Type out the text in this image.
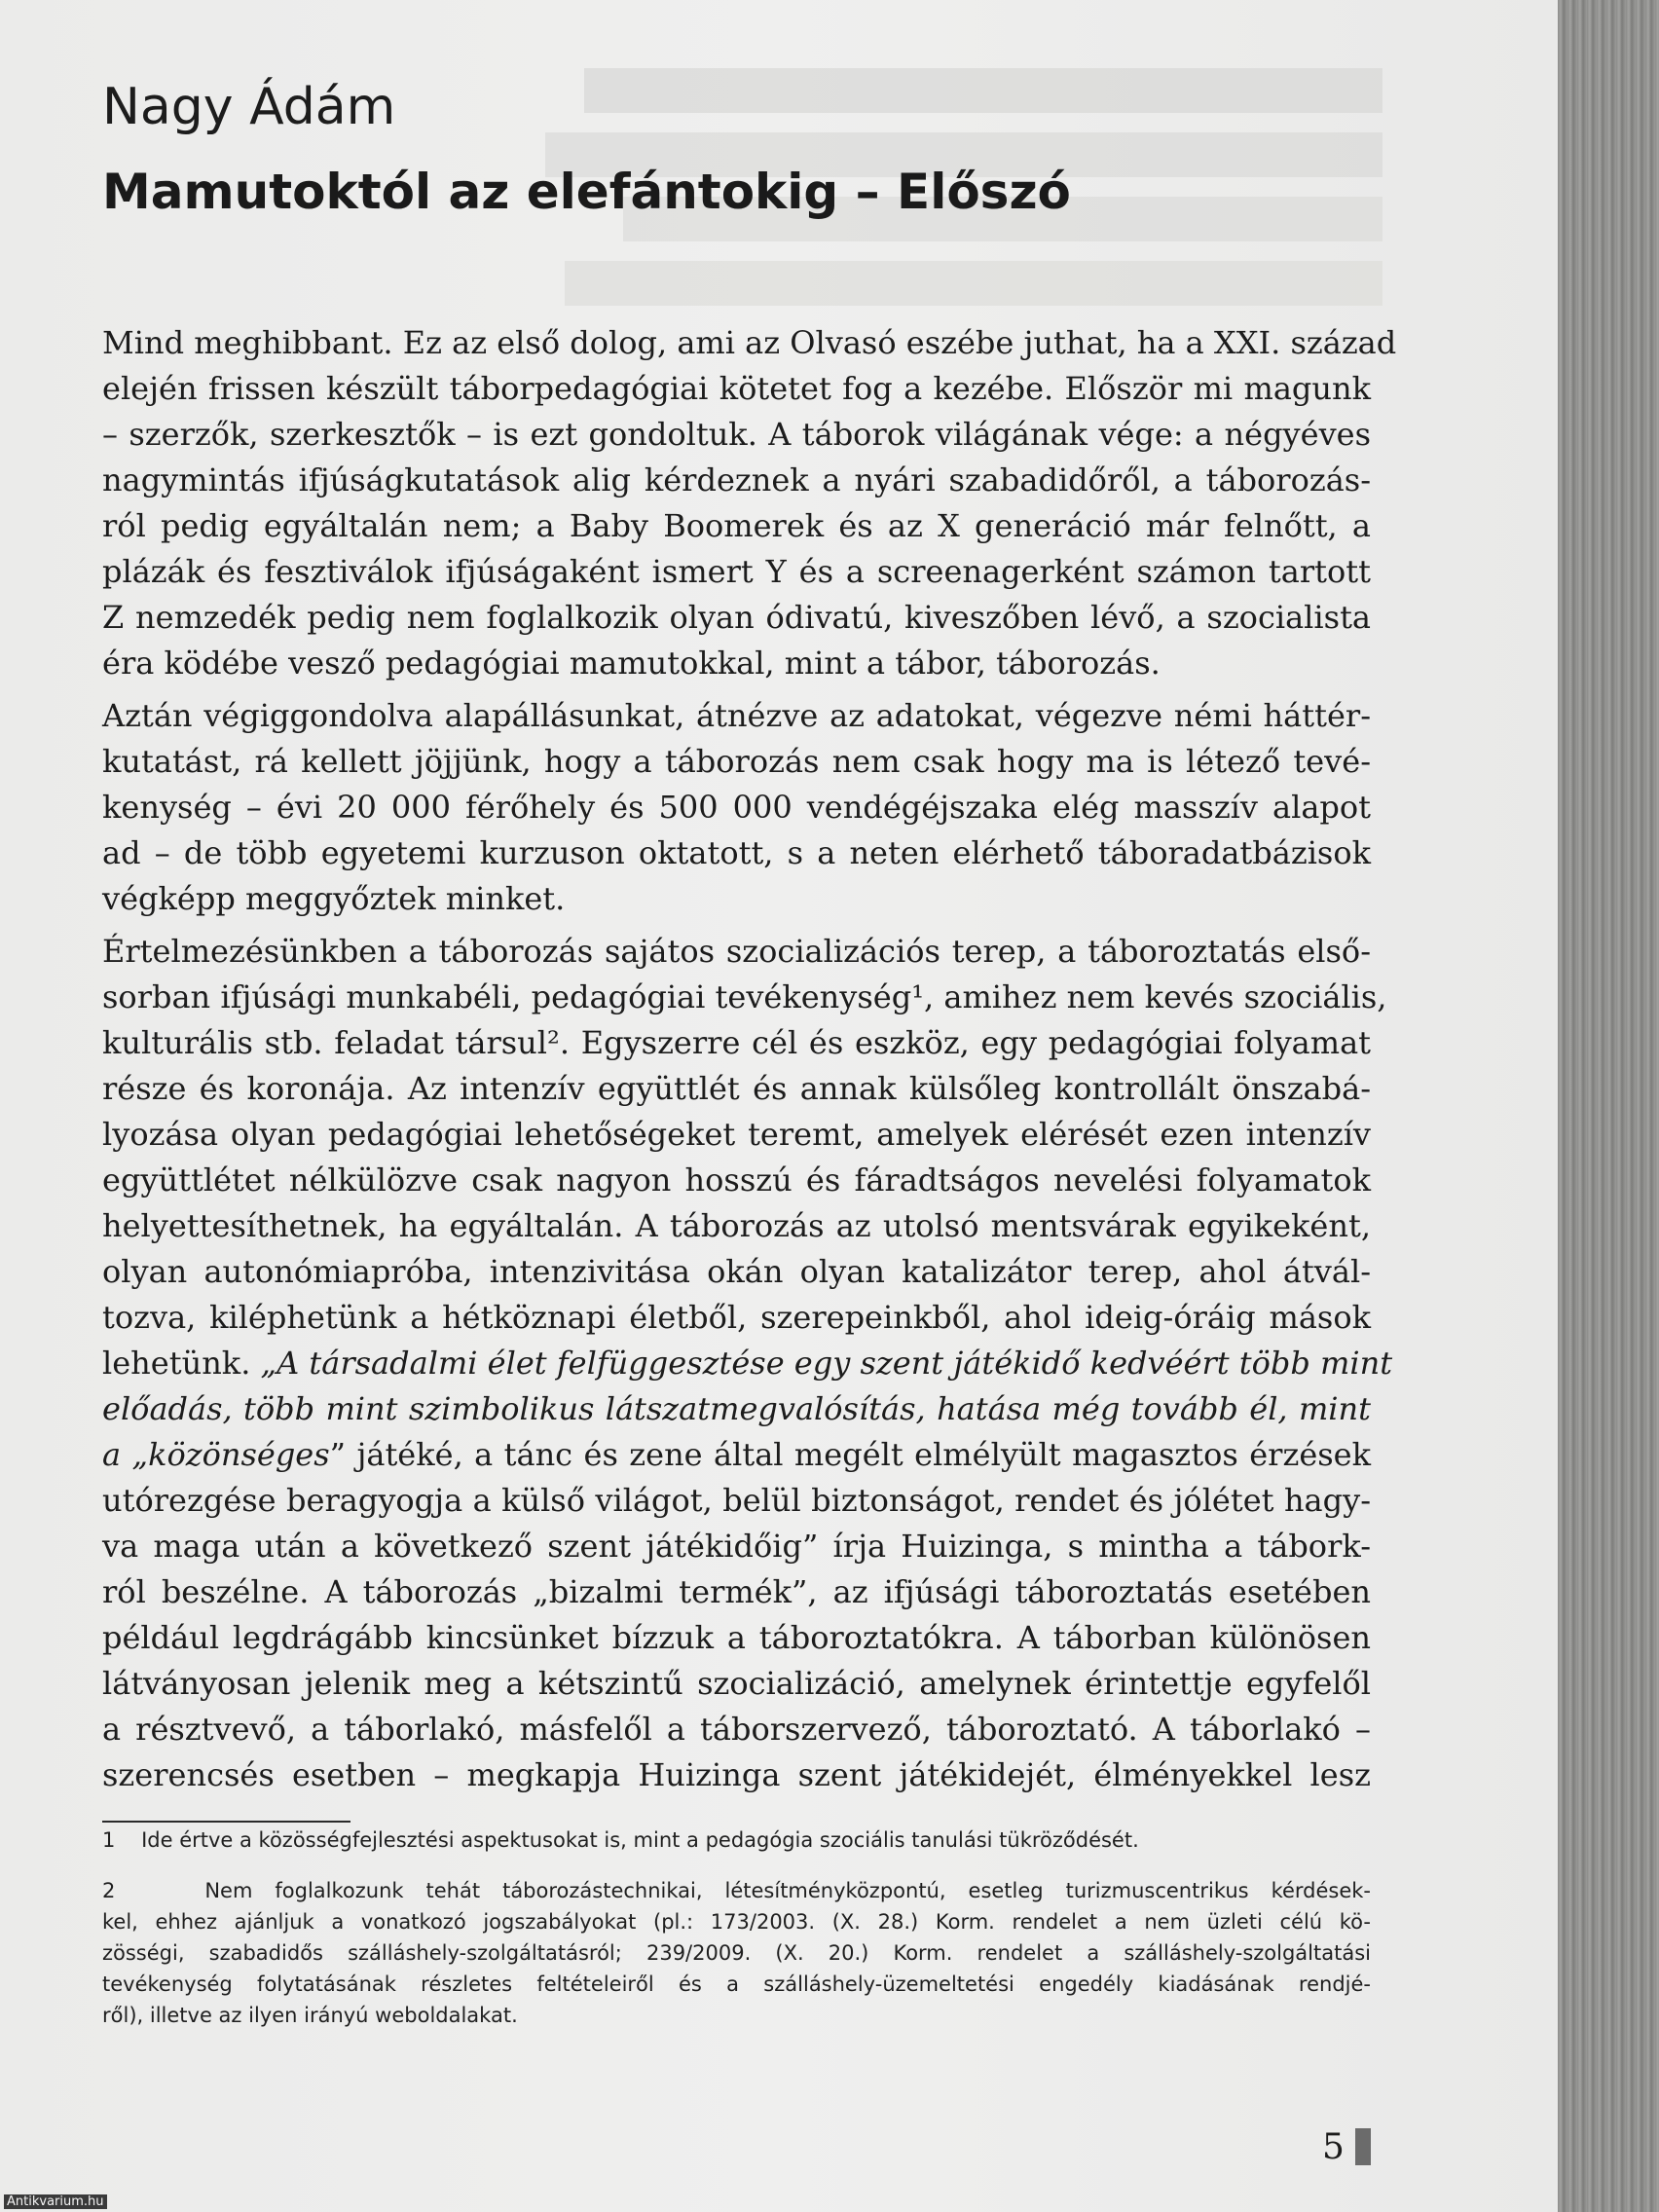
Nagy Ádám
Mamutoktól az elefántokig – Előszó
Mind meghibbant. Ez az első dolog, ami az Olvasó eszébe juthat, ha a XXI. század
elején frissen készült táborpedagógiai kötetet fog a kezébe. Először mi magunk
– szerzők, szerkesztők – is ezt gondoltuk. A táborok világának vége: a négyéves
nagymintás ifjúságkutatások alig kérdeznek a nyári szabadidőről, a táborozás-
ról pedig egyáltalán nem; a Baby Boomerek és az X generáció már felnőtt, a
plázák és fesztiválok ifjúságaként ismert Y és a screenagerként számon tartott
Z nemzedék pedig nem foglalkozik olyan ódivatú, kiveszőben lévő, a szocialista
éra ködébe vesző pedagógiai mamutokkal, mint a tábor, táborozás.
Aztán végiggondolva alapállásunkat, átnézve az adatokat, végezve némi háttér-
kutatást, rá kellett jöjjünk, hogy a táborozás nem csak hogy ma is létező tevé-
kenység – évi 20 000 férőhely és 500 000 vendégéjszaka elég masszív alapot
ad – de több egyetemi kurzuson oktatott, s a neten elérhető táboradatbázisok
végképp meggyőztek minket.
Értelmezésünkben a táborozás sajátos szocializációs terep, a táboroztatás első-
sorban ifjúsági munkabéli, pedagógiai tevékenység¹, amihez nem kevés szociális,
kulturális stb. feladat társul². Egyszerre cél és eszköz, egy pedagógiai folyamat
része és koronája. Az intenzív együttlét és annak külsőleg kontrollált önszabá-
lyozása olyan pedagógiai lehetőségeket teremt, amelyek elérését ezen intenzív
együttlétet nélkülözve csak nagyon hosszú és fáradtságos nevelési folyamatok
helyettesíthetnek, ha egyáltalán. A táborozás az utolsó mentsvárak egyikeként,
olyan autonómiapróba, intenzivitása okán olyan katalizátor terep, ahol átvál-
tozva, kiléphetünk a hétköznapi életből, szerepeinkből, ahol ideig-óráig mások
lehetünk. „A társadalmi élet felfüggesztése egy szent játékidő kedvéért több mint
előadás, több mint szimbolikus látszatmegvalósítás, hatása még tovább él, mint
a „közönséges” játéké, a tánc és zene által megélt elmélyült magasztos érzések
utórezgése beragyogja a külső világot, belül biztonságot, rendet és jólétet hagy-
va maga után a következő szent játékidőig” írja Huizinga, s mintha a tábork-
ról beszélne. A táborozás „bizalmi termék”, az ifjúsági táboroztatás esetében
például legdrágább kincsünket bízzuk a táboroztatókra. A táborban különösen
látványosan jelenik meg a kétszintű szocializáció, amelynek érintettje egyfelől
a résztvevő, a táborlakó, másfelől a táborszervező, táboroztató. A táborlakó –
szerencsés esetben – megkapja Huizinga szent játékidejét, élményekkel lesz
1 Ide értve a közösségfejlesztési aspektusokat is, mint a pedagógia szociális tanulási tükröződését.
2	Nem foglalkozunk tehát táborozástechnikai, létesítményközpontú, esetleg turizmuscentrikus kérdések-
kel, ehhez ajánljuk a vonatkozó jogszabályokat (pl.: 173/2003. (X. 28.) Korm. rendelet a nem üzleti célú kö-
zösségi, szabadidős szálláshely-szolgáltatásról; 239/2009. (X. 20.) Korm. rendelet a szálláshely-szolgáltatási
tevékenység folytatásának részletes feltételeiről és a szálláshely-üzemeltetési engedély kiadásának rendjé-
ről), illetve az ilyen irányú weboldalakat.
5
Antikvarium.hu
